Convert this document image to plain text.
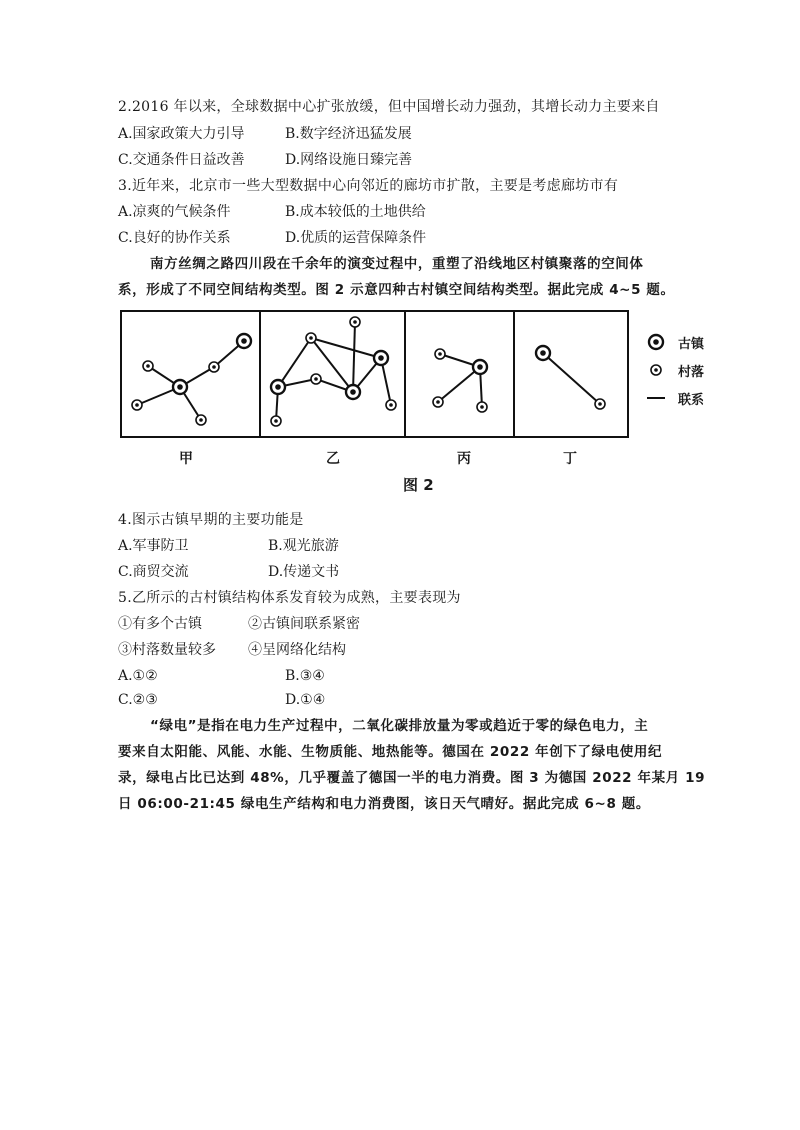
2.2016 年以来，全球数据中心扩张放缓，但中国增长动力强劲，其增长动力主要来自
A.国家政策大力引导	B.数字经济迅猛发展
C.交通条件日益改善	D.网络设施日臻完善
3.近年来，北京市一些大型数据中心向邻近的廊坊市扩散，主要是考虑廊坊市有
A.凉爽的气候条件	B.成本较低的土地供给
C.良好的协作关系	D.优质的运营保障条件
南方丝绸之路四川段在千余年的演变过程中，重塑了沿线地区村镇聚落的空间体
系，形成了不同空间结构类型。图 2 示意四种古村镇空间结构类型。据此完成 4~5 题。
古镇
村落
联系
甲	乙	丙	丁
图 2
4.图示古镇早期的主要功能是
A.军事防卫	B.观光旅游
C.商贸交流	D.传递文书
5.乙所示的古村镇结构体系发育较为成熟，主要表现为
①有多个古镇	②古镇间联系紧密
③村落数量较多 ④呈网络化结构
A.①②	B.③④
C.②③	D.①④
“绿电”是指在电力生产过程中，二氧化碳排放量为零或趋近于零的绿色电力，主
要来自太阳能、风能、水能、生物质能、地热能等。德国在 2022 年创下了绿电使用纪
录，绿电占比已达到 48%，几乎覆盖了德国一半的电力消费。图 3 为德国 2022 年某月 19
日 06:00-21:45 绿电生产结构和电力消费图，该日天气晴好。据此完成 6~8 题。
